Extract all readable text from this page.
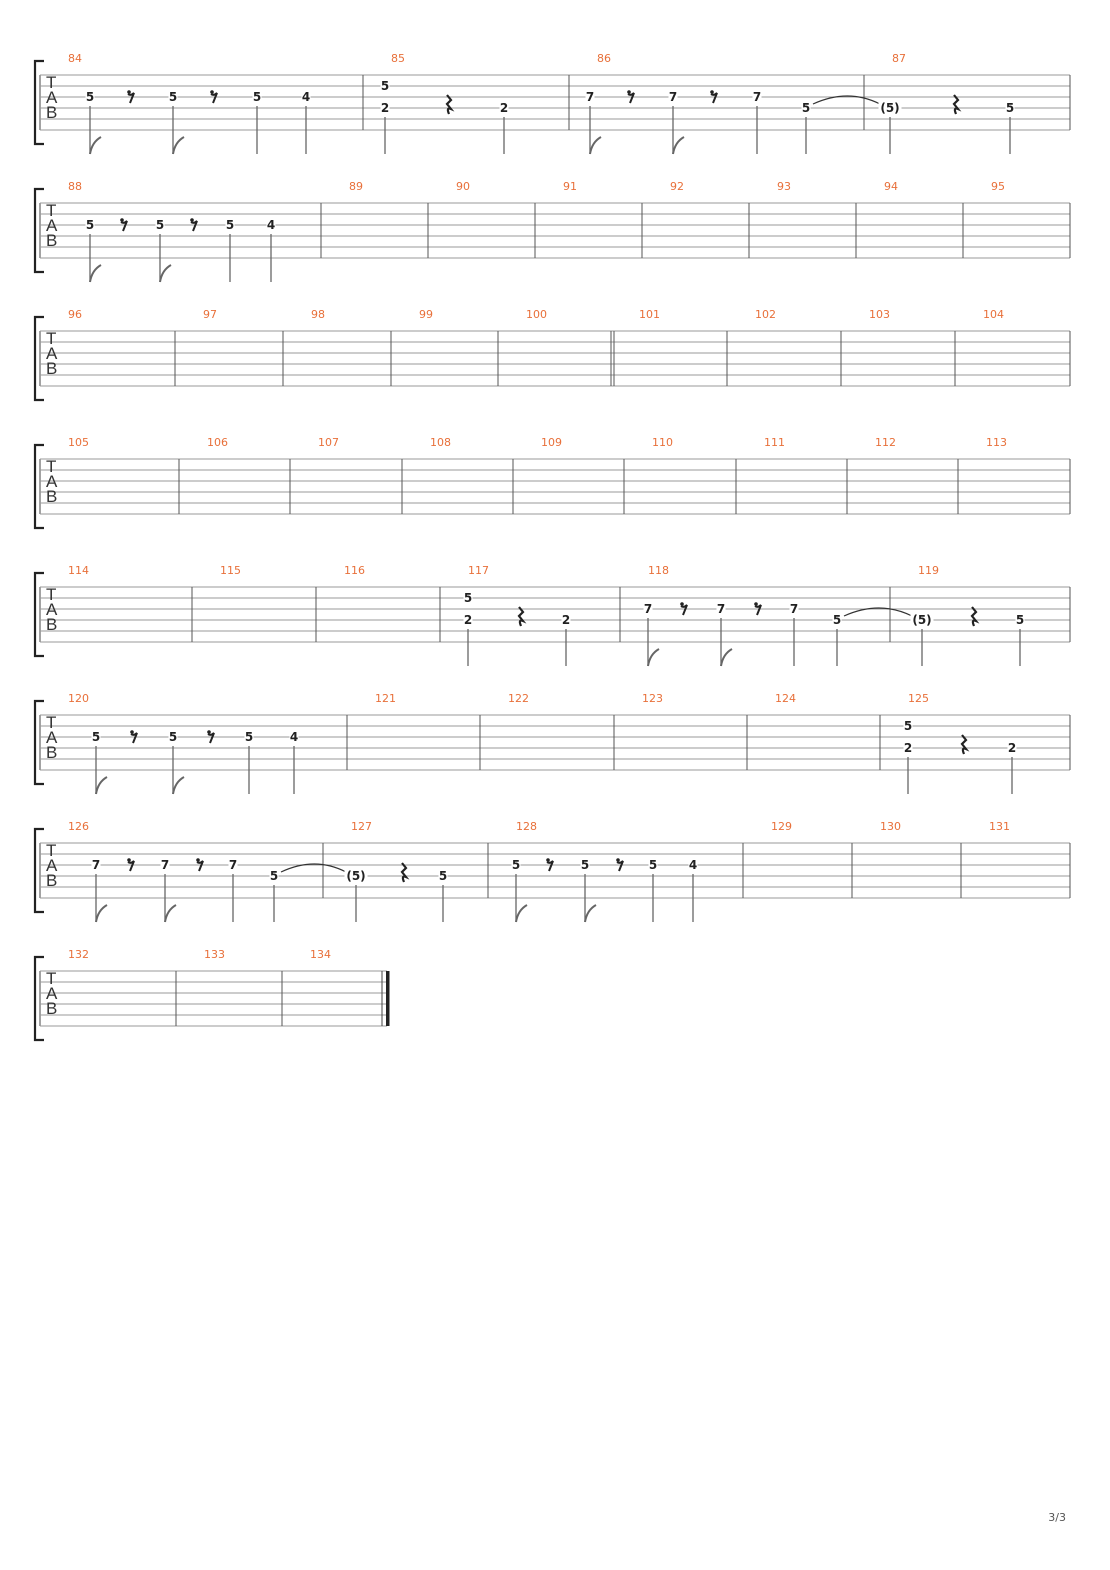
T
A
B
84
5	5	5	4
85
5
2	2
86
7	7	7
5
87
(5)	5
T
A
B
88
5	5	5	4
89	90	91	92	93	94	95
T
A
B
96	97	98	99	100	101	102	103	104
T
A
B
105	106	107	108	109	110	111	112	113
T
A
B
114	115	116	117
5
2	2
118
7	7	7
5
119
(5)	5
T
A
B
120
5	5	5	4
121	122	123	124	125
5
2	2
T
A
B
126
7	7	7
5
127
(5)	5
128
5	5	5	4
129	130	131
T
A
B
132	133	134
3/3
